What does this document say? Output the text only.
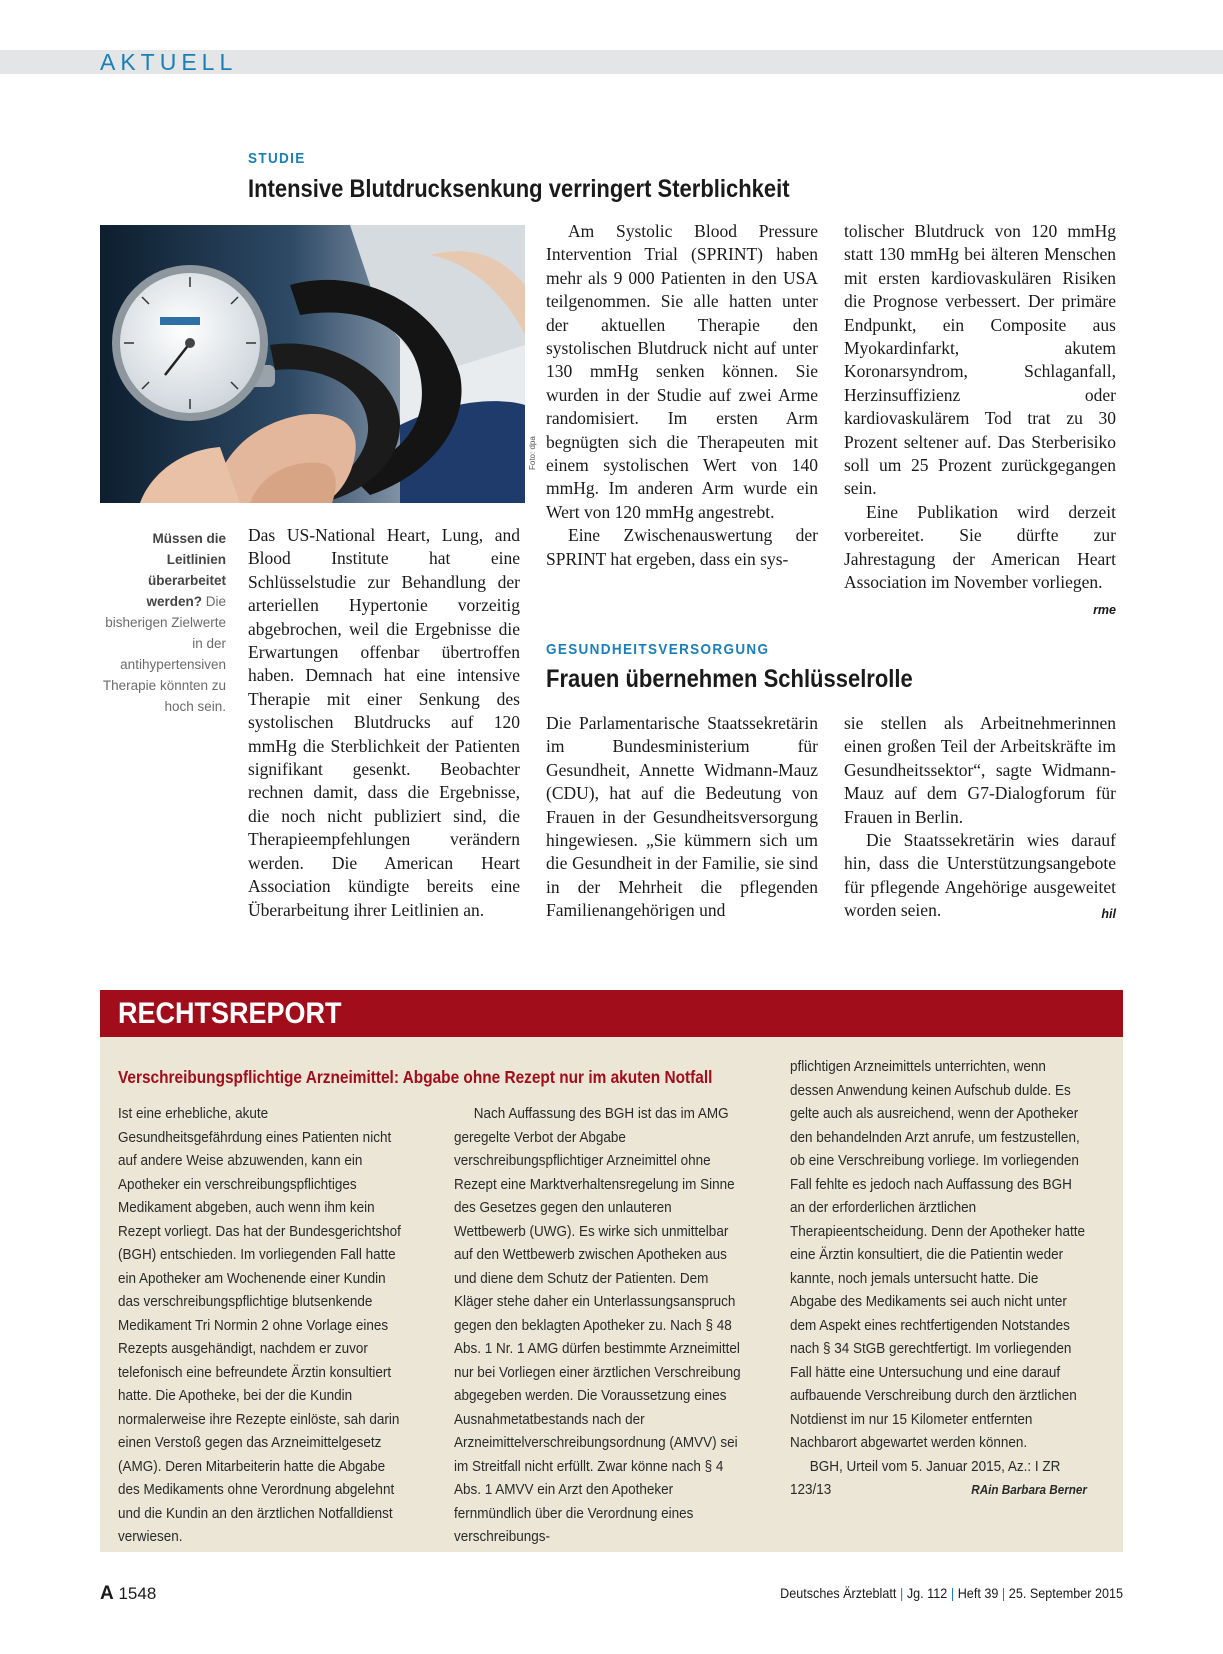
AKTUELL
STUDIE
Intensive Blutdrucksenkung verringert Sterblichkeit
Foto: dpa
Müssen die Leitlinien überarbeitet werden? Die bisherigen Zielwerte in der antihypertensiven Therapie könnten zu hoch sein.

Das US-National Heart, Lung, and Blood Institute hat eine Schlüsselstudie zur Behandlung der arteriellen Hypertonie vorzeitig abgebrochen, weil die Ergebnisse die Erwartungen offenbar übertroffen haben. Demnach hat eine intensive Therapie mit einer Senkung des systolischen Blutdrucks auf 120 mmHg die Sterblichkeit der Patienten signifikant gesenkt. Beobachter rechnen damit, dass die Ergebnisse, die noch nicht publiziert sind, die Therapieempfehlungen verändern werden. Die American Heart Association kündigte bereits eine Überarbeitung ihrer Leitlinien an.

Am Systolic Blood Pressure Intervention Trial (SPRINT) haben mehr als 9 000 Patienten in den USA teilgenommen. Sie alle hatten unter der aktuellen Therapie den systolischen Blutdruck nicht auf unter 130 mmHg senken können. Sie wurden in der Studie auf zwei Arme randomisiert. Im ersten Arm begnügten sich die Therapeuten mit einem systolischen Wert von 140 mmHg. Im anderen Arm wurde ein Wert von 120 mmHg angestrebt.

Eine Zwischenauswertung der SPRINT hat ergeben, dass ein sys-

tolischer Blutdruck von 120 mmHg statt 130 mmHg bei älteren Menschen mit ersten kardiovaskulären Risiken die Prognose verbessert. Der primäre Endpunkt, ein Composite aus Myokardinfarkt, akutem Koronarsyndrom, Schlaganfall, Herzinsuffizienz oder kardiovaskulärem Tod trat zu 30 Prozent seltener auf. Das Sterberisiko soll um 25 Prozent zurückgegangen sein.

Eine Publikation wird derzeit vorbereitet. Sie dürfte zur Jahrestagung der American Heart Association im November vorliegen.
rme

GESUNDHEITSVERSORGUNG
Frauen übernehmen Schlüsselrolle

Die Parlamentarische Staatssekretärin im Bundesministerium für Gesundheit, Annette Widmann-Mauz (CDU), hat auf die Bedeutung von Frauen in der Gesundheitsversorgung hingewiesen. „Sie kümmern sich um die Gesundheit in der Familie, sie sind in der Mehrheit die pflegenden Familienangehörigen und

sie stellen als Arbeitnehmerinnen einen großen Teil der Arbeitskräfte im Gesundheitssektor“, sagte Widmann-Mauz auf dem G7-Dialogforum für Frauen in Berlin.

Die Staatssekretärin wies darauf hin, dass die Unterstützungsangebote für pflegende Angehörige ausgeweitet worden seien.	hil

RECHTSREPORT
Verschreibungspflichtige Arzneimittel: Abgabe ohne Rezept nur im akuten Notfall

Ist eine erhebliche, akute Gesundheitsgefährdung eines Patienten nicht auf andere Weise abzuwenden, kann ein Apotheker ein verschreibungspflichtiges Medikament abgeben, auch wenn ihm kein Rezept vorliegt. Das hat der Bundesgerichtshof (BGH) entschieden. Im vorliegenden Fall hatte ein Apotheker am Wochenende einer Kundin das verschreibungspflichtige blutsenkende Medikament Tri Normin 2 ohne Vorlage eines Rezepts ausgehändigt, nachdem er zuvor telefonisch eine befreundete Ärztin konsultiert hatte. Die Apotheke, bei der die Kundin normalerweise ihre Rezepte einlöste, sah darin einen Verstoß gegen das Arzneimittelgesetz (AMG). Deren Mitarbeiterin hatte die Abgabe des Medikaments ohne Verordnung abgelehnt und die Kundin an den ärztlichen Notfalldienst verwiesen.

Nach Auffassung des BGH ist das im AMG geregelte Verbot der Abgabe verschreibungspflichtiger Arzneimittel ohne Rezept eine Marktverhaltensregelung im Sinne des Gesetzes gegen den unlauteren Wettbewerb (UWG). Es wirke sich unmittelbar auf den Wettbewerb zwischen Apotheken aus und diene dem Schutz der Patienten. Dem Kläger stehe daher ein Unterlassungsanspruch gegen den beklagten Apotheker zu. Nach § 48 Abs. 1 Nr. 1 AMG dürfen bestimmte Arzneimittel nur bei Vorliegen einer ärztlichen Verschreibung abgegeben werden. Die Voraussetzung eines Ausnahmetatbestands nach der Arzneimittelverschreibungsordnung (AMVV) sei im Streitfall nicht erfüllt. Zwar könne nach § 4 Abs. 1 AMVV ein Arzt den Apotheker fernmündlich über die Verordnung eines verschreibungs-

pflichtigen Arzneimittels unterrichten, wenn dessen Anwendung keinen Aufschub dulde. Es gelte auch als ausreichend, wenn der Apotheker den behandelnden Arzt anrufe, um festzustellen, ob eine Verschreibung vorliege. Im vorliegenden Fall fehlte es jedoch nach Auffassung des BGH an der erforderlichen ärztlichen Therapieentscheidung. Denn der Apotheker hatte eine Ärztin konsultiert, die die Patientin weder kannte, noch jemals untersucht hatte. Die Abgabe des Medikaments sei auch nicht unter dem Aspekt eines rechtfertigenden Notstandes nach § 34 StGB gerechtfertigt. Im vorliegenden Fall hätte eine Untersuchung und eine darauf aufbauende Verschreibung durch den ärztlichen Notdienst im nur 15 Kilometer entfernten Nachbarort abgewartet werden können.

BGH, Urteil vom 5. Januar 2015, Az.: I ZR 123/13	RAin Barbara Berner

A 1548	Deutsches Ärzteblatt | Jg. 112 | Heft 39 | 25. September 2015
